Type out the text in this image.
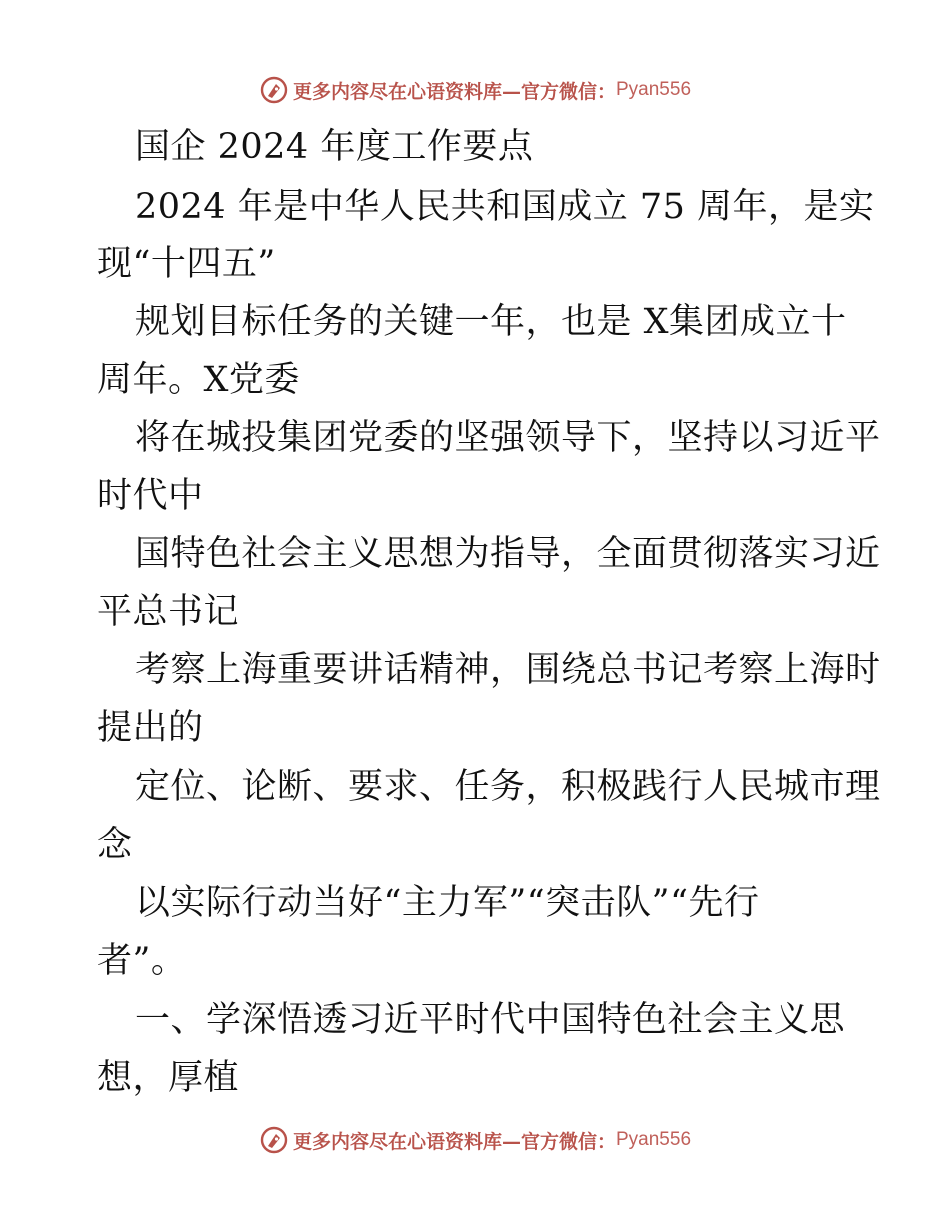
更多内容尽在心语资料库—官方微信： Pyan556
国企 2024 年度工作要点
2024 年是中华人民共和国成立 75 周年，是实
现“十四五”
规划目标任务的关键一年，也是 X集团成立十
周年。X党委
将在城投集团党委的坚强领导下，坚持以习近平
时代中
国特色社会主义思想为指导，全面贯彻落实习近
平总书记
考察上海重要讲话精神，围绕总书记考察上海时
提出的
定位、论断、要求、任务，积极践行人民城市理
念
以实际行动当好“主力军”“突击队”“先行
者”。
一、学深悟透习近平时代中国特色社会主义思
想，厚植
更多内容尽在心语资料库—官方微信： Pyan556
